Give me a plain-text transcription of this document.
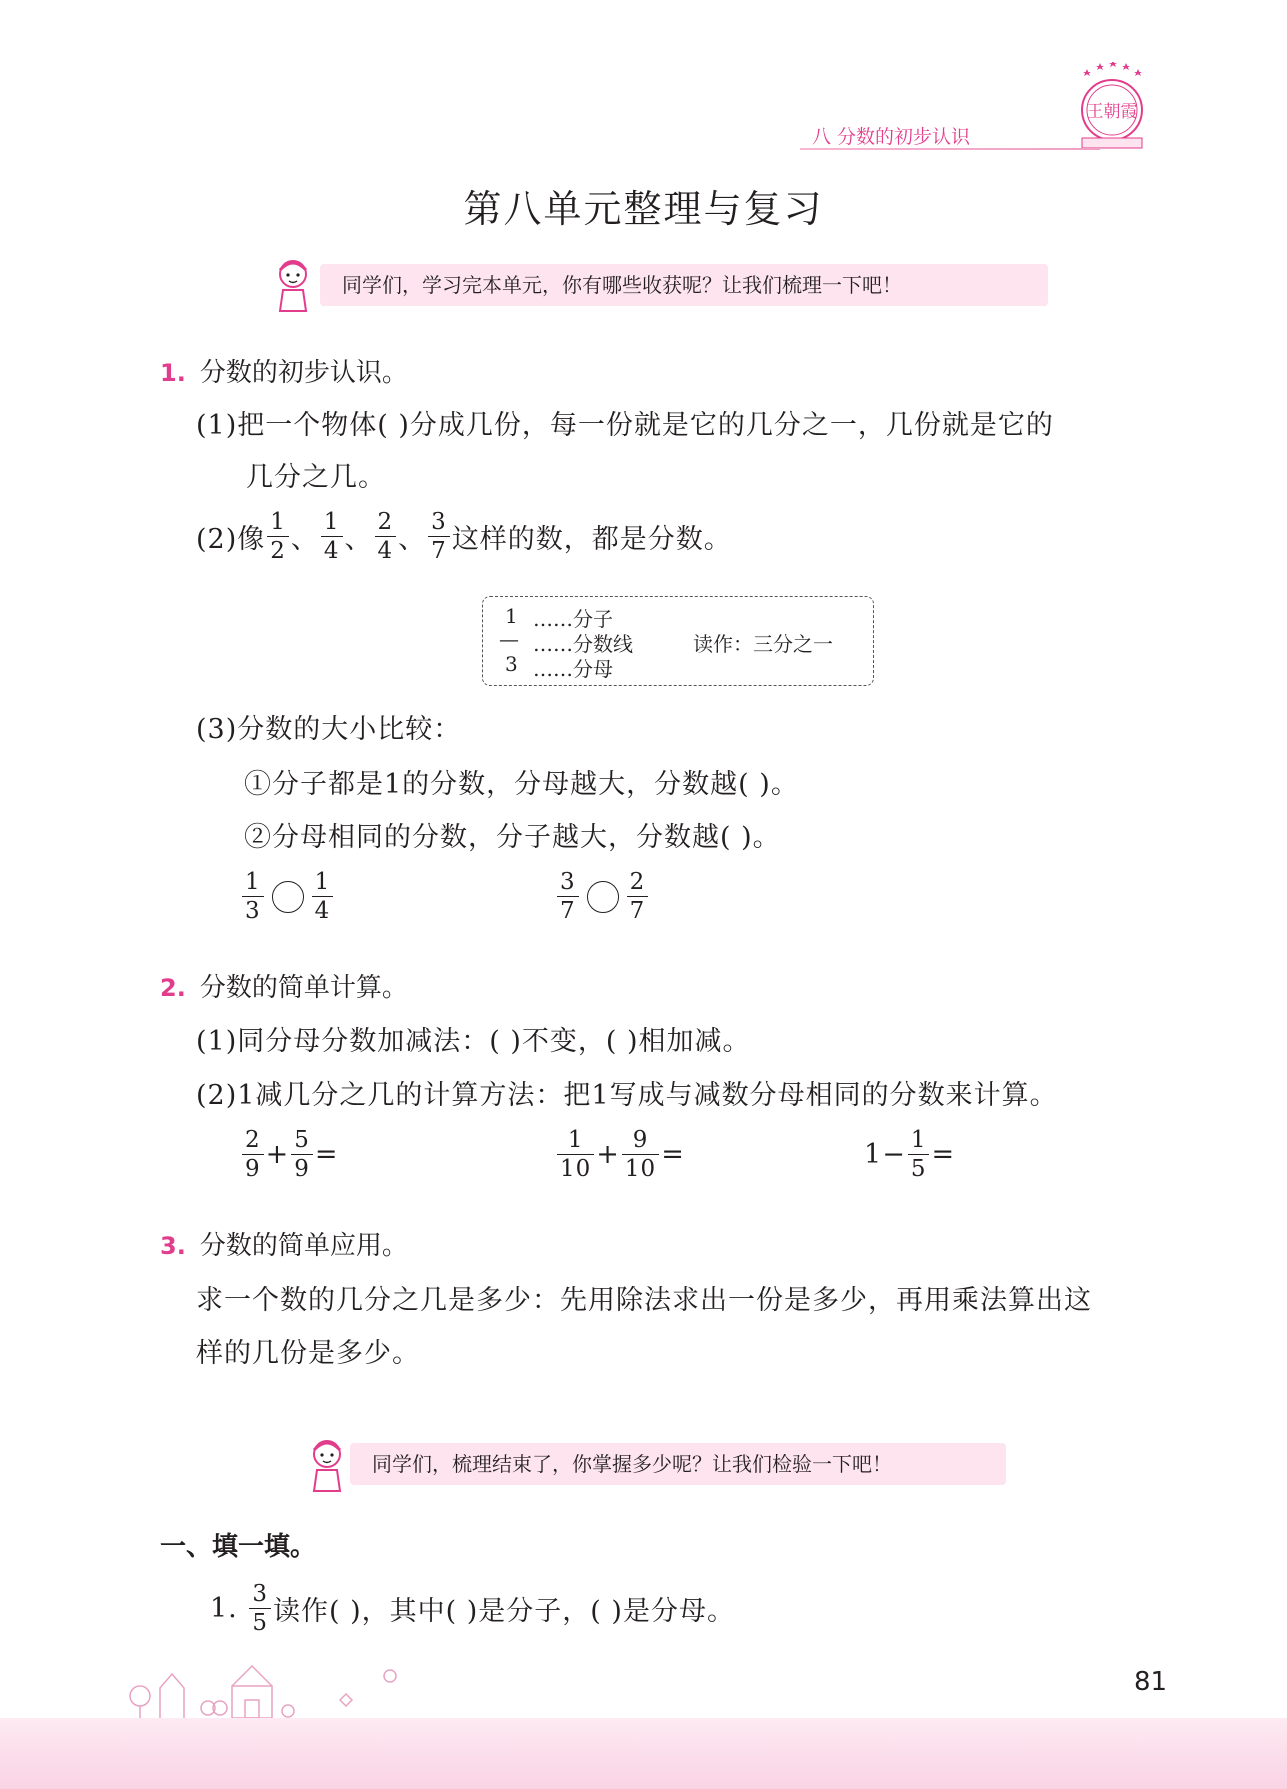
王朝霞
八 分数的初步认识
第八单元整理与复习
同学们，学习完本单元，你有哪些收获呢？让我们梳理一下吧！
1. 分数的初步认识。
(1)把一个物体( )分成几份，每一份就是它的几分之一，几份就是它的
几分之几。
(2)像 $\frac{1}{2}$ 、 $\frac{1}{4}$ 、 $\frac{2}{4}$ 、 $\frac{3}{7}$ 这样的数，都是分数。
1
—
3
……分子
……分数线
……分母
读作：三分之一
(3)分数的大小比较：
①分子都是1的分数，分母越大，分数越( )。
②分母相同的分数，分子越大，分数越( )。
$\frac{1}{3} \frac{1}{4}$	$\frac{3}{7} \frac{2}{7}$
2. 分数的简单计算。
(1)同分母分数加减法：( )不变，( )相加减。
(2)1减几分之几的计算方法：把1写成与减数分母相同的分数来计算。
$\frac{2}{9} + \frac{5}{9}$ =	$\frac{1}{10} + \frac{9}{10}$ =	$1- \frac{1}{5}$ =
3. 分数的简单应用。
求一个数的几分之几是多少：先用除法求出一份是多少，再用乘法算出这
样的几份是多少。
同学们，梳理结束了，你掌握多少呢？让我们检验一下吧！
一、填一填。
1. $\frac{3}{5}$ 读作( )，其中( )是分子，( )是分母。
81
